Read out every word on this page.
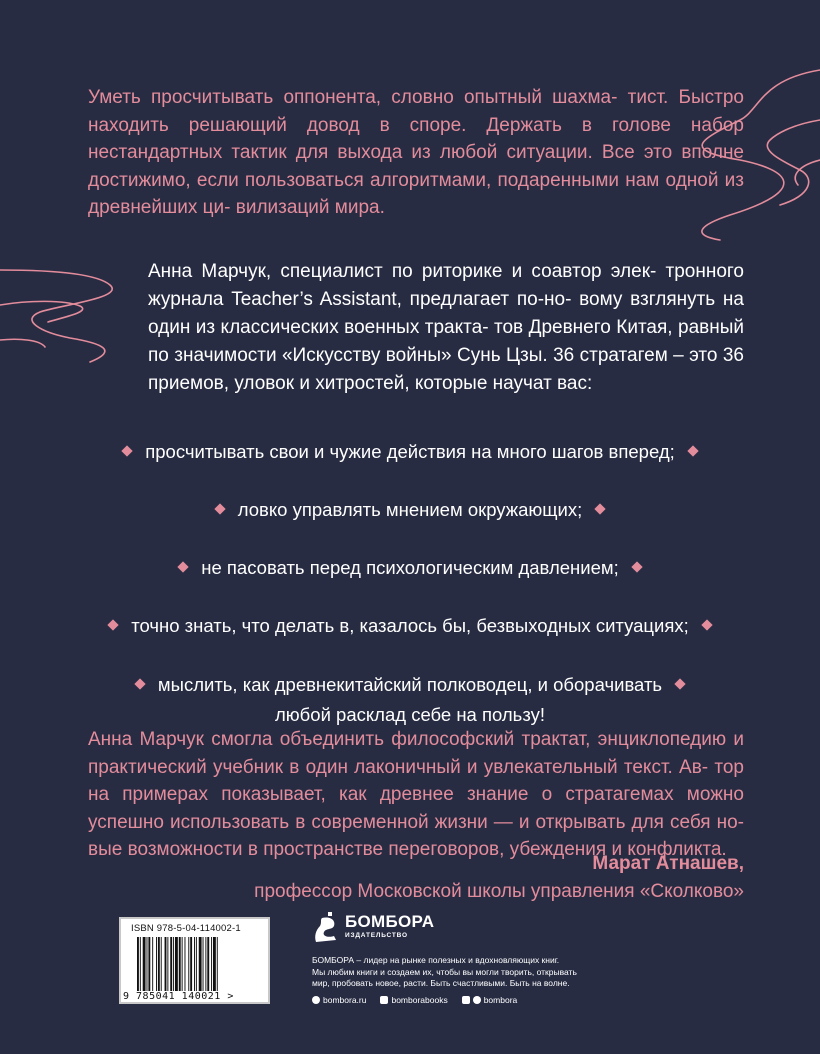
Уметь просчитывать оппонента, словно опытный шахма- тист. Быстро находить решающий довод в споре. Держать в голове набор нестандартных тактик для выхода из любой ситуации. Все это вполне достижимо, если пользоваться алгоритмами, подаренными нам одной из древнейших ци- вилизаций мира.
Анна Марчук, специалист по риторике и соавтор элек- тронного журнала Teacher’s Assistant, предлагает по-но- вому взглянуть на один из классических военных тракта- тов Древнего Китая, равный по значимости «Искусству войны» Сунь Цзы. 36 стратагем – это 36 приемов, уловок и хитростей, которые научат вас:
просчитывать свои и чужие действия на много шагов вперед;
ловко управлять мнением окружающих;
не пасовать перед психологическим давлением;
точно знать, что делать в, казалось бы, безвыходных ситуациях;
мыслить, как древнекитайский полководец, и оборачивать
любой расклад себе на пользу!
Анна Марчук смогла объединить философский трактат, энциклопедию и практический учебник в один лаконичный и увлекательный текст. Ав- тор на примерах показывает, как древнее знание о стратагемах можно успешно использовать в современной жизни — и открывать для себя но- вые возможности в пространстве переговоров, убеждения и конфликта.
Марат Атнашев,
профессор Московской школы управления «Сколково»
ISBN 978-5-04-114002-1
9 785041 140021 >
БОМБОРА
ИЗДАТЕЛЬСТВО
БОМБОРА – лидер на рынке полезных и вдохновляющих книг.
Мы любим книги и создаем их, чтобы вы могли творить, открывать
мир, пробовать новое, расти. Быть счастливыми. Быть на волне.
bombora.ru	bomborabooks	bombora
